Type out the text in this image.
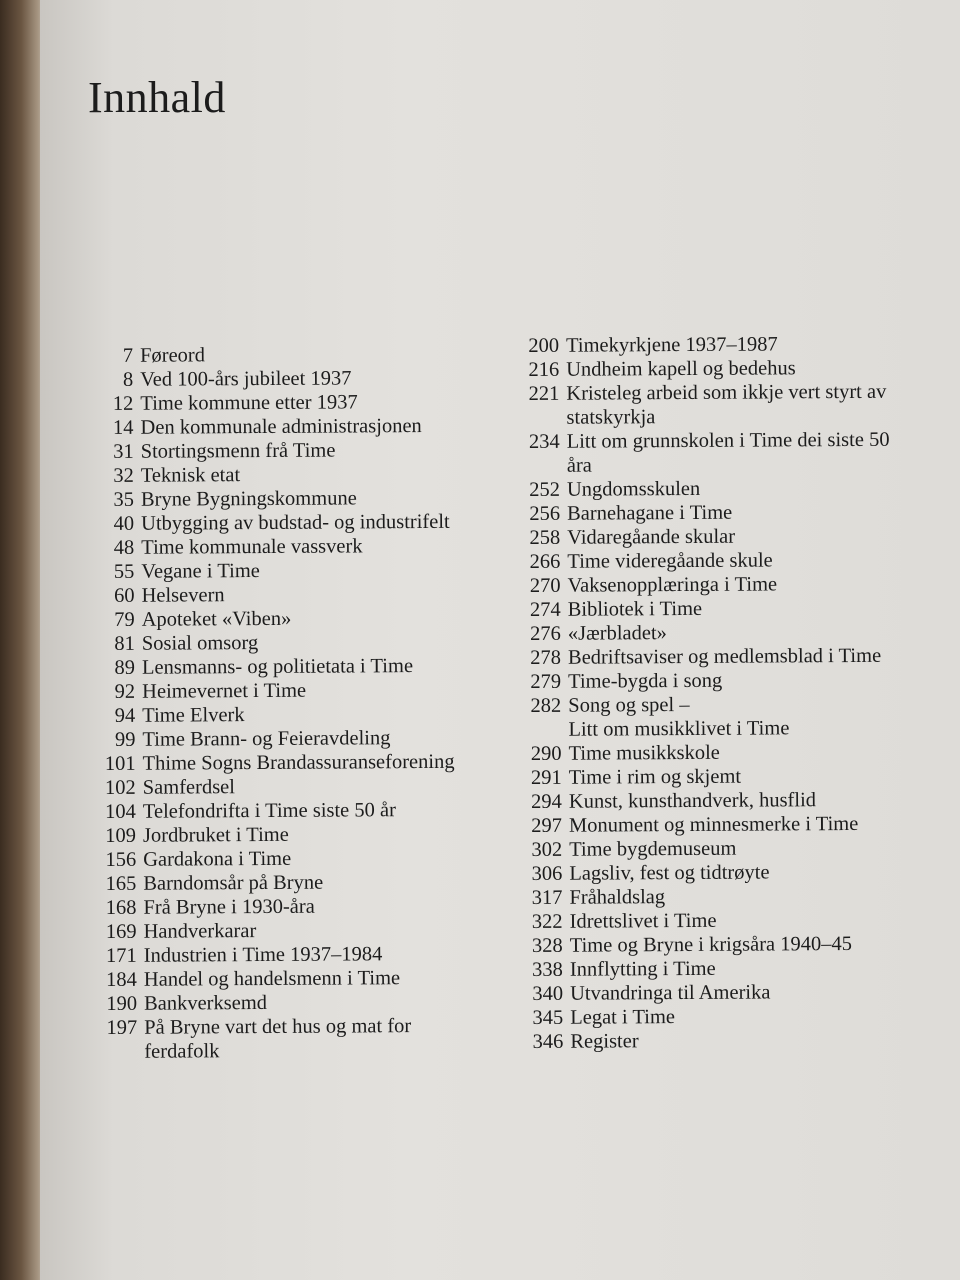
Innhald
7 Føreord
8 Ved 100-års jubileet 1937
12 Time kommune etter 1937
14 Den kommunale administrasjonen
31 Stortingsmenn frå Time
32 Teknisk etat
35 Bryne Bygningskommune
40 Utbygging av budstad- og industrifelt
48 Time kommunale vassverk
55 Vegane i Time
60 Helsevern
79 Apoteket «Viben»
81 Sosial omsorg
89 Lensmanns- og politietata i Time
92 Heimevernet i Time
94 Time Elverk
99 Time Brann- og Feieravdeling
101 Thime Sogns Brandassuranseforening
102 Samferdsel
104 Telefondrifta i Time siste 50 år
109 Jordbruket i Time
156 Gardakona i Time
165 Barndomsår på Bryne
168 Frå Bryne i 1930-åra
169 Handverkarar
171 Industrien i Time 1937–1984
184 Handel og handelsmenn i Time
190 Bankverksemd
197 På Bryne vart det hus og mat for
ferdafolk
200 Timekyrkjene 1937–1987
216 Undheim kapell og bedehus
221 Kristeleg arbeid som ikkje vert styrt av
statskyrkja
234 Litt om grunnskolen i Time dei siste 50
åra
252 Ungdomsskulen
256 Barnehagane i Time
258 Vidaregåande skular
266 Time videregåande skule
270 Vaksenopplæringa i Time
274 Bibliotek i Time
276 «Jærbladet»
278 Bedriftsaviser og medlemsblad i Time
279 Time-bygda i song
282 Song og spel –
Litt om musikklivet i Time
290 Time musikkskole
291 Time i rim og skjemt
294 Kunst, kunsthandverk, husflid
297 Monument og minnesmerke i Time
302 Time bygdemuseum
306 Lagsliv, fest og tidtrøyte
317 Fråhaldslag
322 Idrettslivet i Time
328 Time og Bryne i krigsåra 1940–45
338 Innflytting i Time
340 Utvandringa til Amerika
345 Legat i Time
346 Register
